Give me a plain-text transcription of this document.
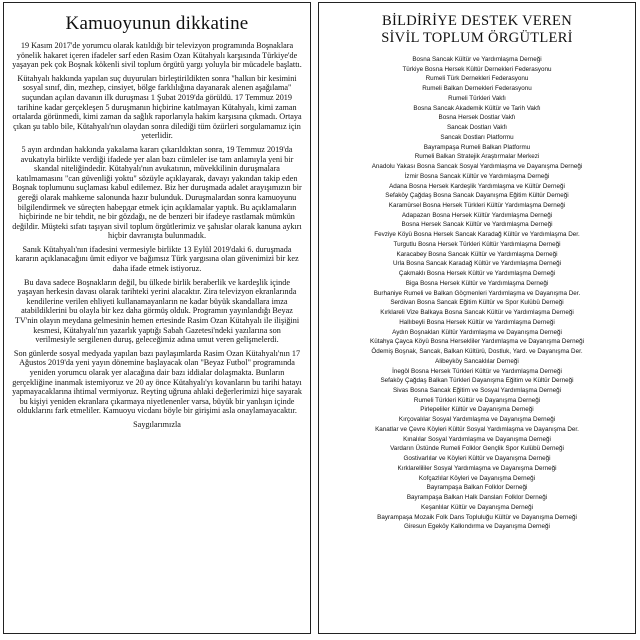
Kamuoyunun dikkatine

19 Kasım 2017'de yorumcu olarak katıldığı bir televizyon programında Boşnaklara yönelik hakaret içeren ifadeler sarf eden Rasim Ozan Kütahyalı karşısında Türkiye'de yaşayan pek çok Boşnak kökenli sivil toplum örgütü yargı yoluyla bir mücadele başlattı.

Kütahyalı hakkında yapılan suç duyuruları birleştirildikten sonra "halkın bir kesimini sosyal sınıf, din, mezhep, cinsiyet, bölge farklılığına dayanarak alenen aşağılama" suçundan açılan davanın ilk duruşması 1 Şubat 2019'da görüldü. 17 Temmuz 2019 tarihine kadar gerçekleşen 5 duruşmanın hiçbirine katılmayan Kütahyalı, kimi zaman ortalarda görünmedi, kimi zaman da sağlık raporlarıyla hakim karşısına çıkmadı. Ortaya çıkan şu tablo bile, Kütahyalı'nın olaydan sonra dilediği tüm özürleri sorgulamamız için yeterlidir.

5 ayın ardından hakkında yakalama kararı çıkarıldıktan sonra, 19 Temmuz 2019'da avukatıyla birlikte verdiği ifadede yer alan bazı cümleler ise tam anlamıyla yeni bir skandal niteliğindedir. Kütahyalı'nın avukatının, müvekkilinin duruşmalara katılmamasını "can güvenliği yoktu" sözüyle açıklayarak, davayı yakından takip eden Boşnak toplumunu suçlaması kabul edilemez. Biz her duruşmada adalet arayışımızın bir gereği olarak mahkeme salonunda hazır bulunduk. Duruşmalardan sonra kamuoyunu bilgilendirmek ve süreçten habердar etmek için açıklamalar yaptık. Bu açıklamaların hiçbirinde ne bir tehdit, ne bir gözdağı, ne de benzeri bir ifadeye rastlamak mümkün değildir. Müşteki sıfatı taşıyan sivil toplum örgütlerimiz ve şahıslar olarak kanuna aykırı hiçbir davranışta bulunmadık.

Sanık Kütahyalı'nın ifadesini vermesiyle birlikte 13 Eylül 2019'daki 6. duruşmada kararın açıklanacağını ümit ediyor ve bağımsız Türk yargısına olan güvenimizi bir kez daha ifade etmek istiyoruz.

Bu dava sadece Boşnakların değil, bu ülkede birlik beraberlik ve kardeşlik içinde yaşayan herkesin davası olarak tarihteki yerini alacaktır. Zira televizyon ekranlarında kendilerine verilen ehliyeti kullanamayanların ne kadar büyük skandallara imza atabildiklerini bu olayla bir kez daha görmüş olduk. Programın yayınlandığı Beyaz TV'nin olayın meydana gelmesinin hemen ertesinde Rasim Ozan Kütahyalı ile ilişiğini kesmesi, Kütahyalı'nın yazarlık yaptığı Sabah Gazetesi'ndeki yazılarına son verilmesiyle sergilenen duruş, geleceğimiz adına umut veren gelişmelerdi.

Son günlerde sosyal medyada yapılan bazı paylaşımlarda Rasim Ozan Kütahyalı'nın 17 Ağustos 2019'da yeni yayın dönemine başlayacak olan "Beyaz Futbol" programında yeniden yorumcu olarak yer alacağına dair bazı iddialar dolaşmakta. Bunların gerçekliğine inanmak istemiyoruz ve 20 ay önce Kütahyalı'yı kovanların bu tarihi hatayı yapmayacaklarına ihtimal vermiyoruz. Reyting uğruna ahlaki değerlerimizi hiçe sayarak bu kişiyi yeniden ekranlara çıkarmaya niyetlenenler varsa, büyük bir yanlışın içinde olduklarını fark etmeliler. Kamuoyu vicdanı böyle bir girişimi asla onaylamayacaktır.

Saygılarımızla

BİLDİRİYE DESTEK VEREN
SİVİL TOPLUM ÖRGÜTLERİ
Bosna Sancak Kültür ve Yardımlaşma Derneği
Türkiye Bosna Hersek Kültür Dernekleri Federasyonu
Rumeli Türk Dernekleri Federasyonu
Rumeli Balkan Dernekleri Federasyonu
Rumeli Türkleri Vakfı
Bosna Sancak Akademik Kültür ve Tarih Vakfı
Bosna Hersek Dostlar Vakfı
Sancak Dostları Vakfı
Sancak Dostları Platformu
Bayrampaşa Rumeli Balkan Platformu
Rumeli Balkan Stratejik Araştırmalar Merkezi
Anadolu Yakası Bosna Sancak Sosyal Yardımlaşma ve Dayanışma Derneği
İzmir Bosna Sancak Kültür ve Yardımlaşma Derneği
Adana Bosna Hersek Kardeşlik Yardımlaşma ve Kültür Derneği
Sefaköy Çağdaş Bosna Sancak Dayanışma Eğitim Kültür Derneği
Karamürsel Bosna Hersek Türkleri Kültür Yardımlaşma Derneği
Adapazarı Bosna Hersek Kültür Yardımlaşma Derneği
Bosna Hersek Sancak Kültür ve Yardımlaşma Derneği
Fevziye Köyü Bosna Hersek Sancak Karadağ Kültür ve Yardımlaşma Der.
Turgutlu Bosna Hersek Türkleri Kültür Yardımlaşma Derneği
Karacabey Bosna Sancak Kültür ve Yardımlaşma Derneği
Urla Bosna Sancak Karadağ Kültür ve Yardımlaşma Derneği
Çakmaklı Bosna Hersek Kültür ve Yardımlaşma Derneği
Biga Bosna Hersek Kültür ve Yardımlaşma Derneği
Burhaniye Rumeli ve Balkan Göçmenleri Yardımlaşma ve Dayanışma Der.
Serdivan Bosna Sancak Eğitim Kültür ve Spor Kulübü Derneği
Kırklareli Vize Balkaya Bosna Sancak Kültür ve Yardımlaşma Derneği
Hallıbeyli Bosna Hersek Kültür ve Yardımlaşma Derneği
Aydın Boşnakları Kültür Yardımlaşma ve Dayanışma Derneği
Kütahya Çayca Köyü Bosna Hersekliler Yardımlaşma ve Dayanışma Derneği
Ödemiş Boşnak, Sancak, Balkan Kültürü, Dostluk, Yard. ve Dayanışma Der.
Alibeyköy Sancaklılar Derneği
İnegöl Bosna Hersek Türkleri Kültür ve Yardımlaşma Derneği
Sefaköy Çağdaş Balkan Türkleri Dayanışma Eğitim ve Kültür Derneği
Sivas Bosna Sancak Eğitim ve Sosyal Yardımlaşma Derneği
Rumeli Türkleri Kültür ve Dayanışma Derneği
Pirlepeliler Kültür ve Dayanışma Derneği
Kırçovalılar Sosyal Yardımlaşma ve Dayanışma Derneği
Kanatlar ve Çevre Köyleri Kültür Sosyal Yardımlaşma ve Dayanışma Der.
Kınalılar Sosyal Yardımlaşma ve Dayanışma Derneği
Vardarın Üstünde Rumeli Folklor Gençlik Spor Kulübü Derneği
Gostivarlılar ve Köyleri Kültür ve Dayanışma Derneği
Kırklarelililer Sosyal Yardımlaşma ve Dayanışma Derneği
Kofçazlılar Köyleri ve Dayanışma Derneği
Bayrampaşa Balkan Folklor Derneği
Bayrampaşa Balkan Halk Dansları Folklor Derneği
Keşanlılar Kültür ve Dayanışma Derneği
Bayrampaşa Mozaik Folk Dans Topluluğu Kültür ve Dayanışma Derneği
Giresun Egeköy Kalkındırma ve Dayanışma Derneği
